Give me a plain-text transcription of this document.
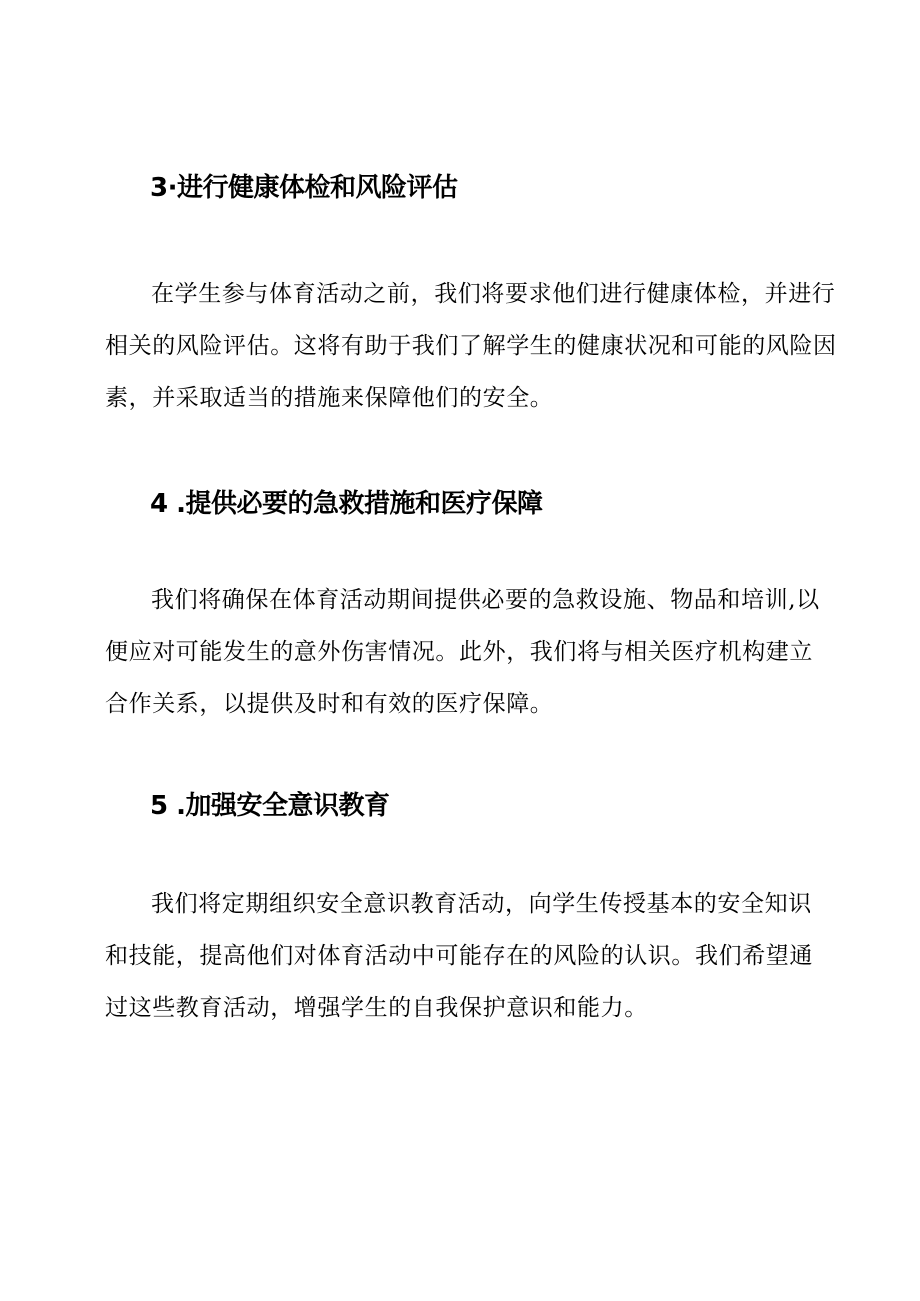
3·进行健康体检和风险评估
在学生参与体育活动之前，我们将要求他们进行健康体检，并进行
相关的风险评估。这将有助于我们了解学生的健康状况和可能的风险因
素，并采取适当的措施来保障他们的安全。
4 .提供必要的急救措施和医疗保障
我们将确保在体育活动期间提供必要的急救设施、物品和培训,以
便应对可能发生的意外伤害情况。此外，我们将与相关医疗机构建立
合作关系，以提供及时和有效的医疗保障。
5 .加强安全意识教育
我们将定期组织安全意识教育活动，向学生传授基本的安全知识
和技能，提高他们对体育活动中可能存在的风险的认识。我们希望通
过这些教育活动，增强学生的自我保护意识和能力。
